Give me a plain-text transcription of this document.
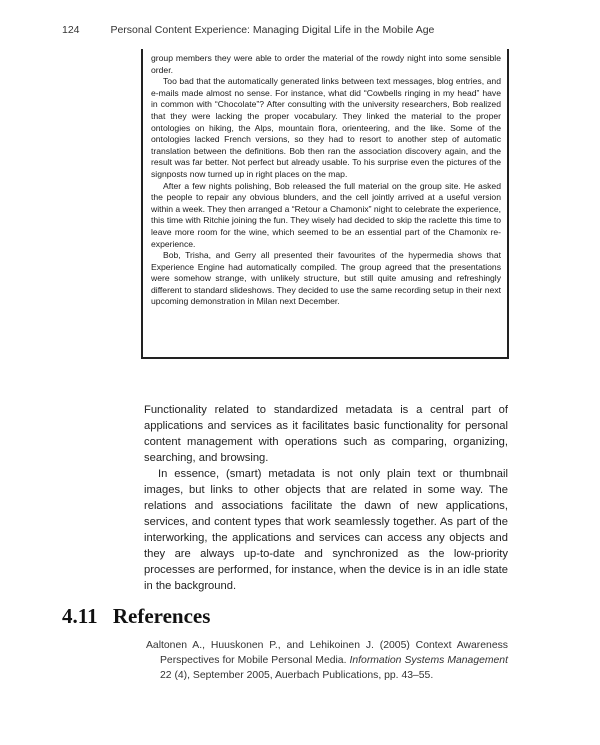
124	Personal Content Experience: Managing Digital Life in the Mobile Age

group members they were able to order the material of the rowdy night into some sensible order.

Too bad that the automatically generated links between text messages, blog entries, and e-mails made almost no sense. For instance, what did “Cowbells ringing in my head” have in common with “Chocolate”? After consulting with the university researchers, Bob realized that they were lacking the proper vocabulary. They linked the material to the proper ontologies on hiking, the Alps, mountain flora, orienteering, and the like. Some of the ontologies lacked French versions, so they had to resort to another step of automatic translation between the definitions. Bob then ran the association discovery again, and the result was far better. Not perfect but already usable. To his surprise even the pictures of the signposts now turned up in right places on the map.

After a few nights polishing, Bob released the full material on the group site. He asked the people to repair any obvious blunders, and the cell jointly arrived at a useful version within a week. They then arranged a “Retour a Chamonix” night to celebrate the experience, this time with Ritchie joining the fun. They wisely had decided to skip the raclette this time to leave more room for the wine, which seemed to be an essential part of the Chamonix re-experience.

Bob, Trisha, and Gerry all presented their favourites of the hypermedia shows that Experience Engine had automatically compiled. The group agreed that the presentations were somehow strange, with unlikely structure, but still quite amusing and refreshingly different to standard slideshows. They decided to use the same recording setup in their next upcoming demonstration in Milan next December.

Functionality related to standardized metadata is a central part of applications and services as it facilitates basic functionality for personal content management with operations such as comparing, organizing, searching, and browsing.

In essence, (smart) metadata is not only plain text or thumbnail images, but links to other objects that are related in some way. The relations and associations facilitate the dawn of new applications, services, and content types that work seamlessly together. As part of the interworking, the applications and services can access any objects and they are always up-to-date and synchronized as the low-priority processes are performed, for instance, when the device is in an idle state in the background.

4.11 References

Aaltonen A., Huuskonen P., and Lehikoinen J. (2005) Context Awareness Perspectives for Mobile Personal Media. Information Systems Management 22 (4), September 2005, Auerbach Publications, pp. 43–55.
